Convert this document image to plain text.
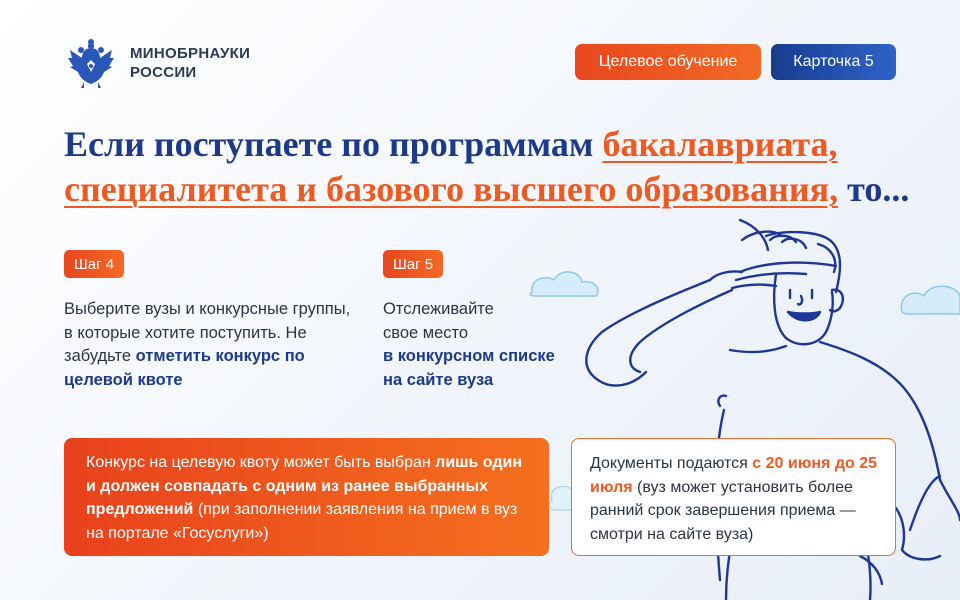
МИНОБРНАУКИ
РОССИИ
Целевое обучение	Карточка 5
Если поступаете по программам бакалавриата, специалитета и базового высшего образования, то...
Шаг 4
Выберите вузы и конкурсные группы, в которые хотите поступить. Не забудьте отметить конкурс по целевой квоте
Шаг 5
Отслеживайте
свое место
в конкурсном списке
на сайте вуза
Конкурс на целевую квоту может быть выбран лишь один и должен совпадать с одним из ранее выбранных предложений (при заполнении заявления на прием в вуз на портале «Госуслуги»)
Документы подаются с 20 июня до 25 июля (вуз может установить более ранний срок завершения приема — смотри на сайте вуза)
